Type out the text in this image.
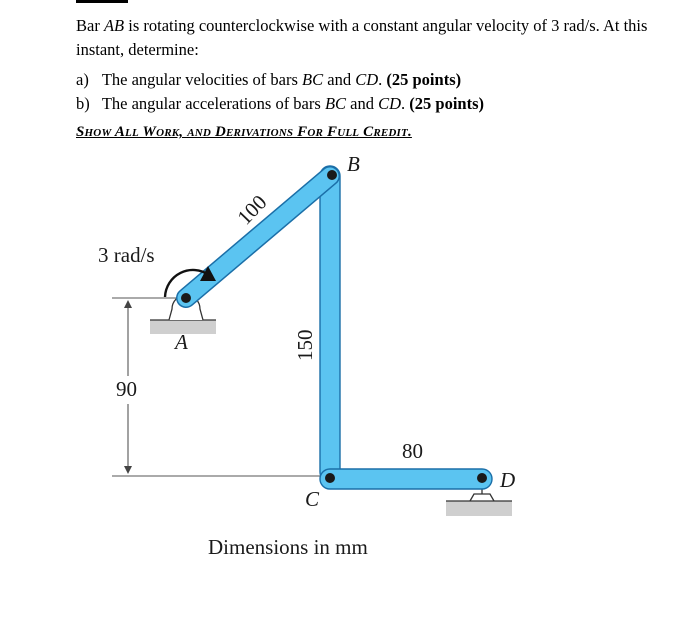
Bar AB is rotating counterclockwise with a constant angular velocity of 3 rad/s. At this instant, determine:

a) The angular velocities of bars BC and CD. (25 points)
b) The angular accelerations of bars BC and CD. (25 points)
Show All Work, and Derivations For Full Credit.
3 rad/s
A
B
C
D
100
150
80
90
Dimensions in mm
